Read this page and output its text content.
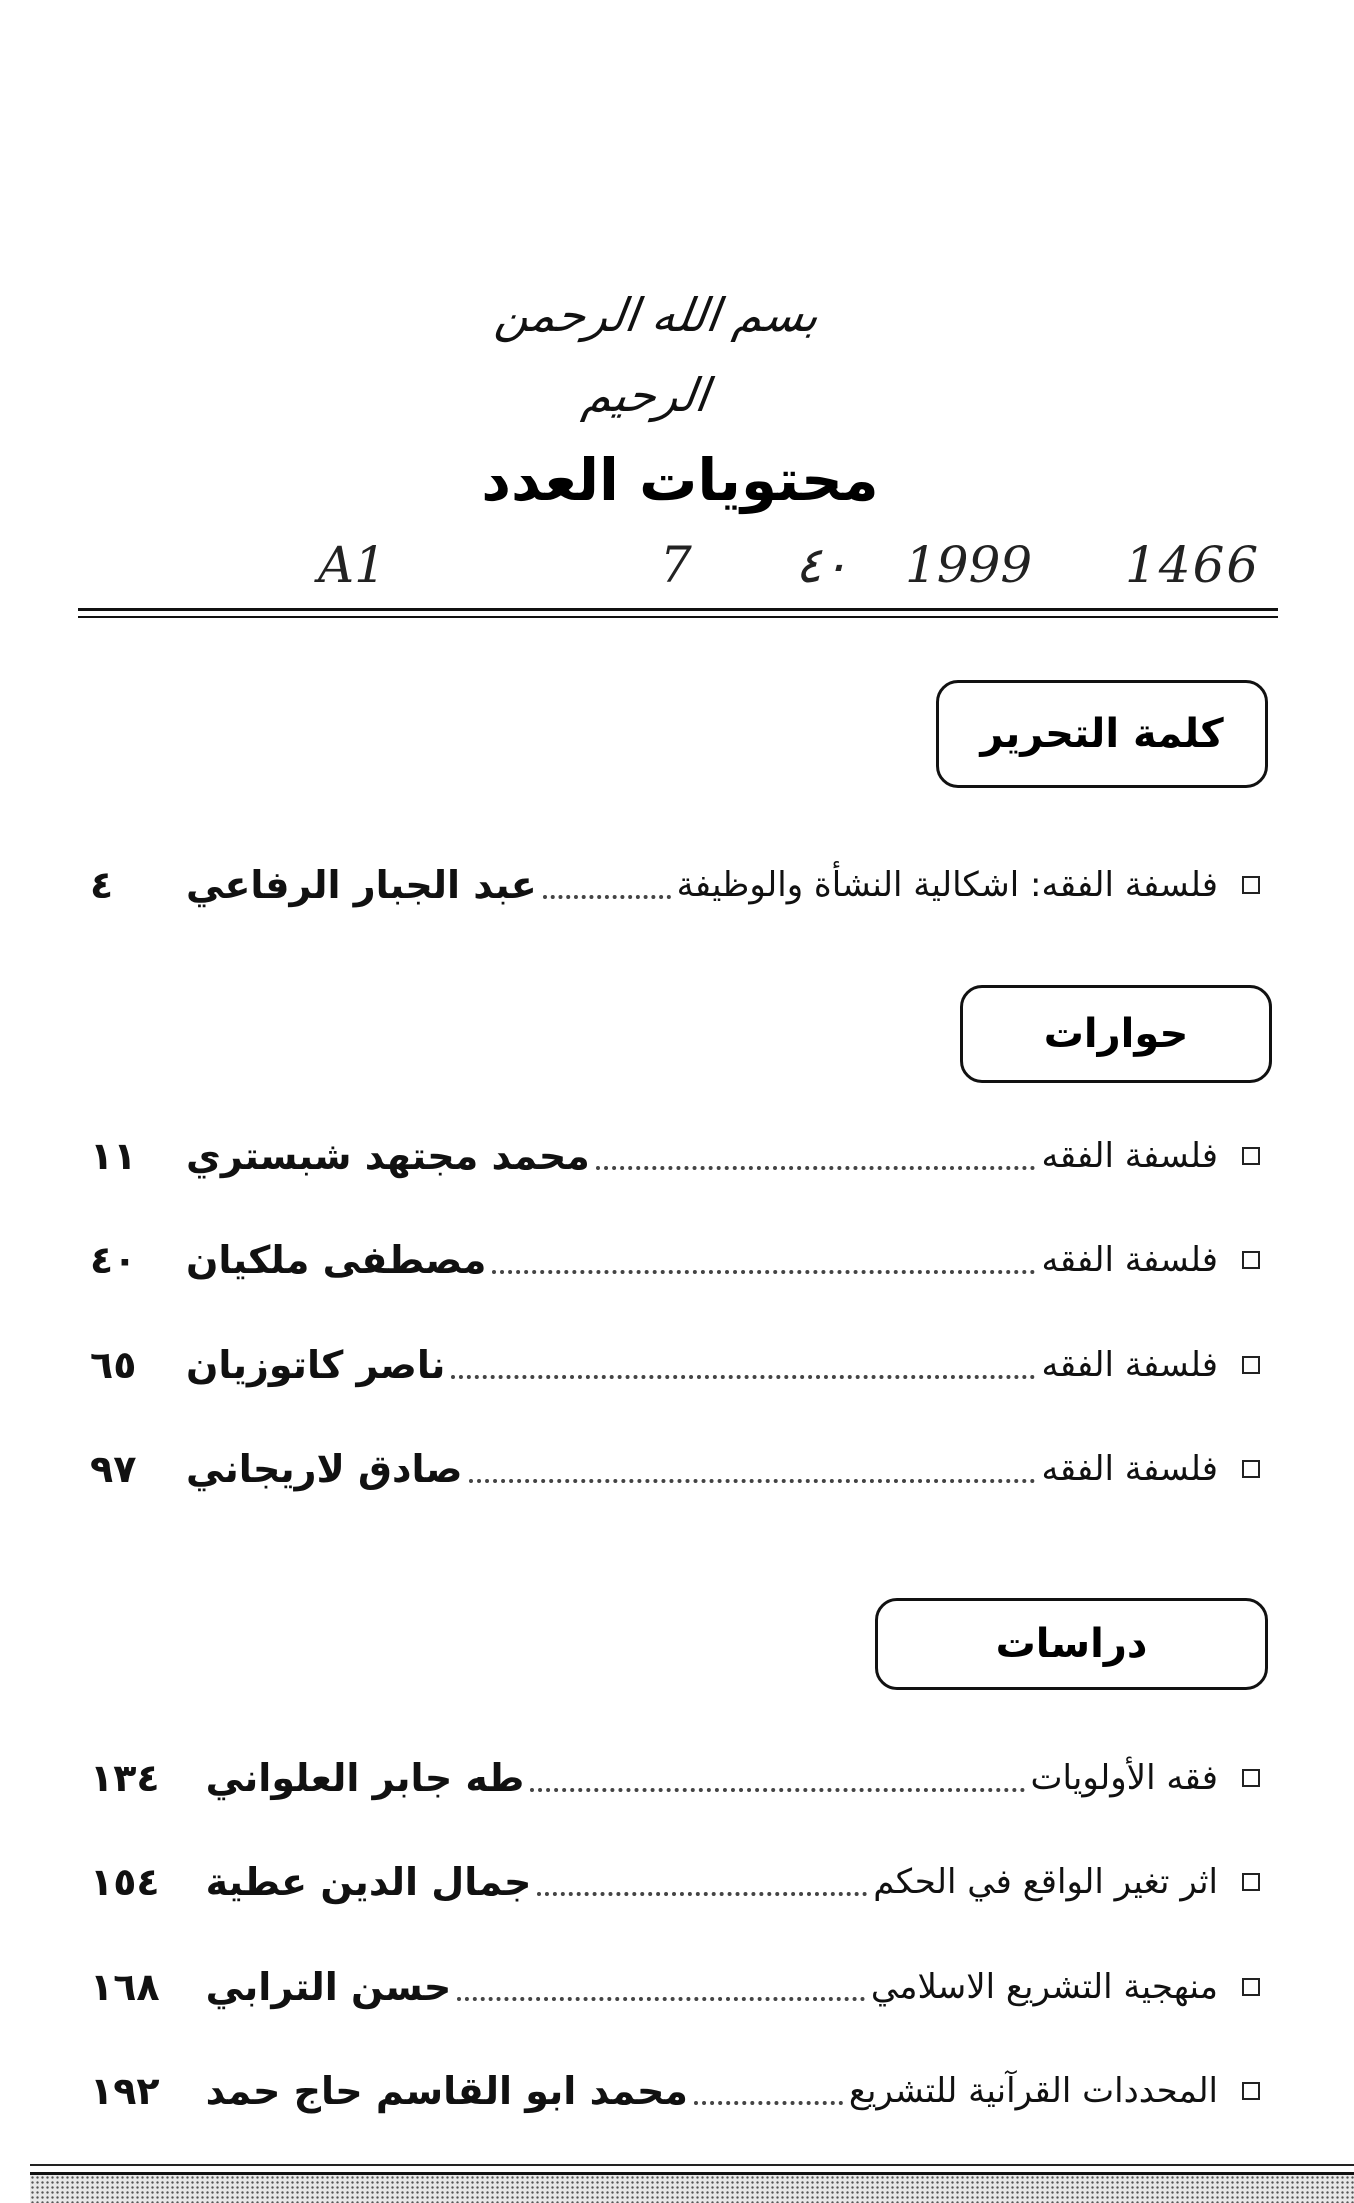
بسم الله الرحمن الرحيم
محتويات العدد
A1	7 ٤٠ 1999 1466
كلمة التحرير
فلسفة الفقه: اشكالية النشأة والوظيفة
عبد الجبار الرفاعي
٤
حوارات
فلسفة الفقه
محمد مجتهد شبستري
١١
فلسفة الفقه
مصطفى ملكيان
٤٠
فلسفة الفقه
ناصر كاتوزيان
٦٥
فلسفة الفقه
صادق لاريجاني
٩٧
دراسات
فقه الأولويات
طه جابر العلواني
١٣٤
اثر تغير الواقع في الحكم
جمال الدين عطية
١٥٤
منهجية التشريع الاسلامي
حسن الترابي
١٦٨
المحددات القرآنية للتشريع
محمد ابو القاسم حاج حمد
١٩٢
